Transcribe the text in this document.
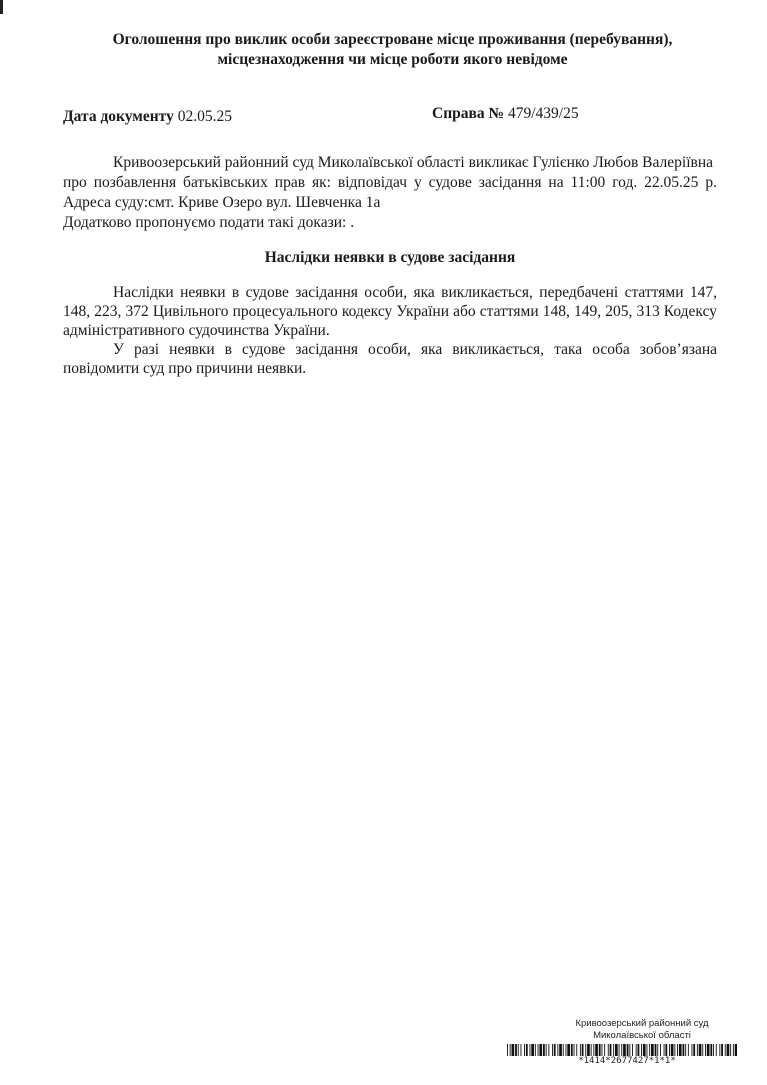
Оголошення про виклик особи зареєстроване місце проживання (перебування),
місцезнаходження чи місце роботи якого невідоме
Дата документу 02.05.25	Справа № 479/439/25

Кривоозерський районний суд Миколаївської області викликає Гулієнко Любов Валеріївна

про позбавлення батьківських прав як: відповідач у судове засідання на 11:00 год. 22.05.25 р.

Адреса суду:смт. Криве Озеро вул. Шевченка 1а

Додатково пропонуємо подати такі докази: .

Наслідки неявки в судове засідання

Наслідки неявки в судове засідання особи, яка викликається, передбачені статтями 147, 148, 223, 372 Цивільного процесуального кодексу України або статтями 148, 149, 205, 313 Кодексу адміністративного судочинства України.

У разі неявки в судове засідання особи, яка викликається, така особа зобов’язана повідомити суд про причини неявки.

Кривоозерський районний суд
Миколаївської області
*1414*2677427*1*1*
